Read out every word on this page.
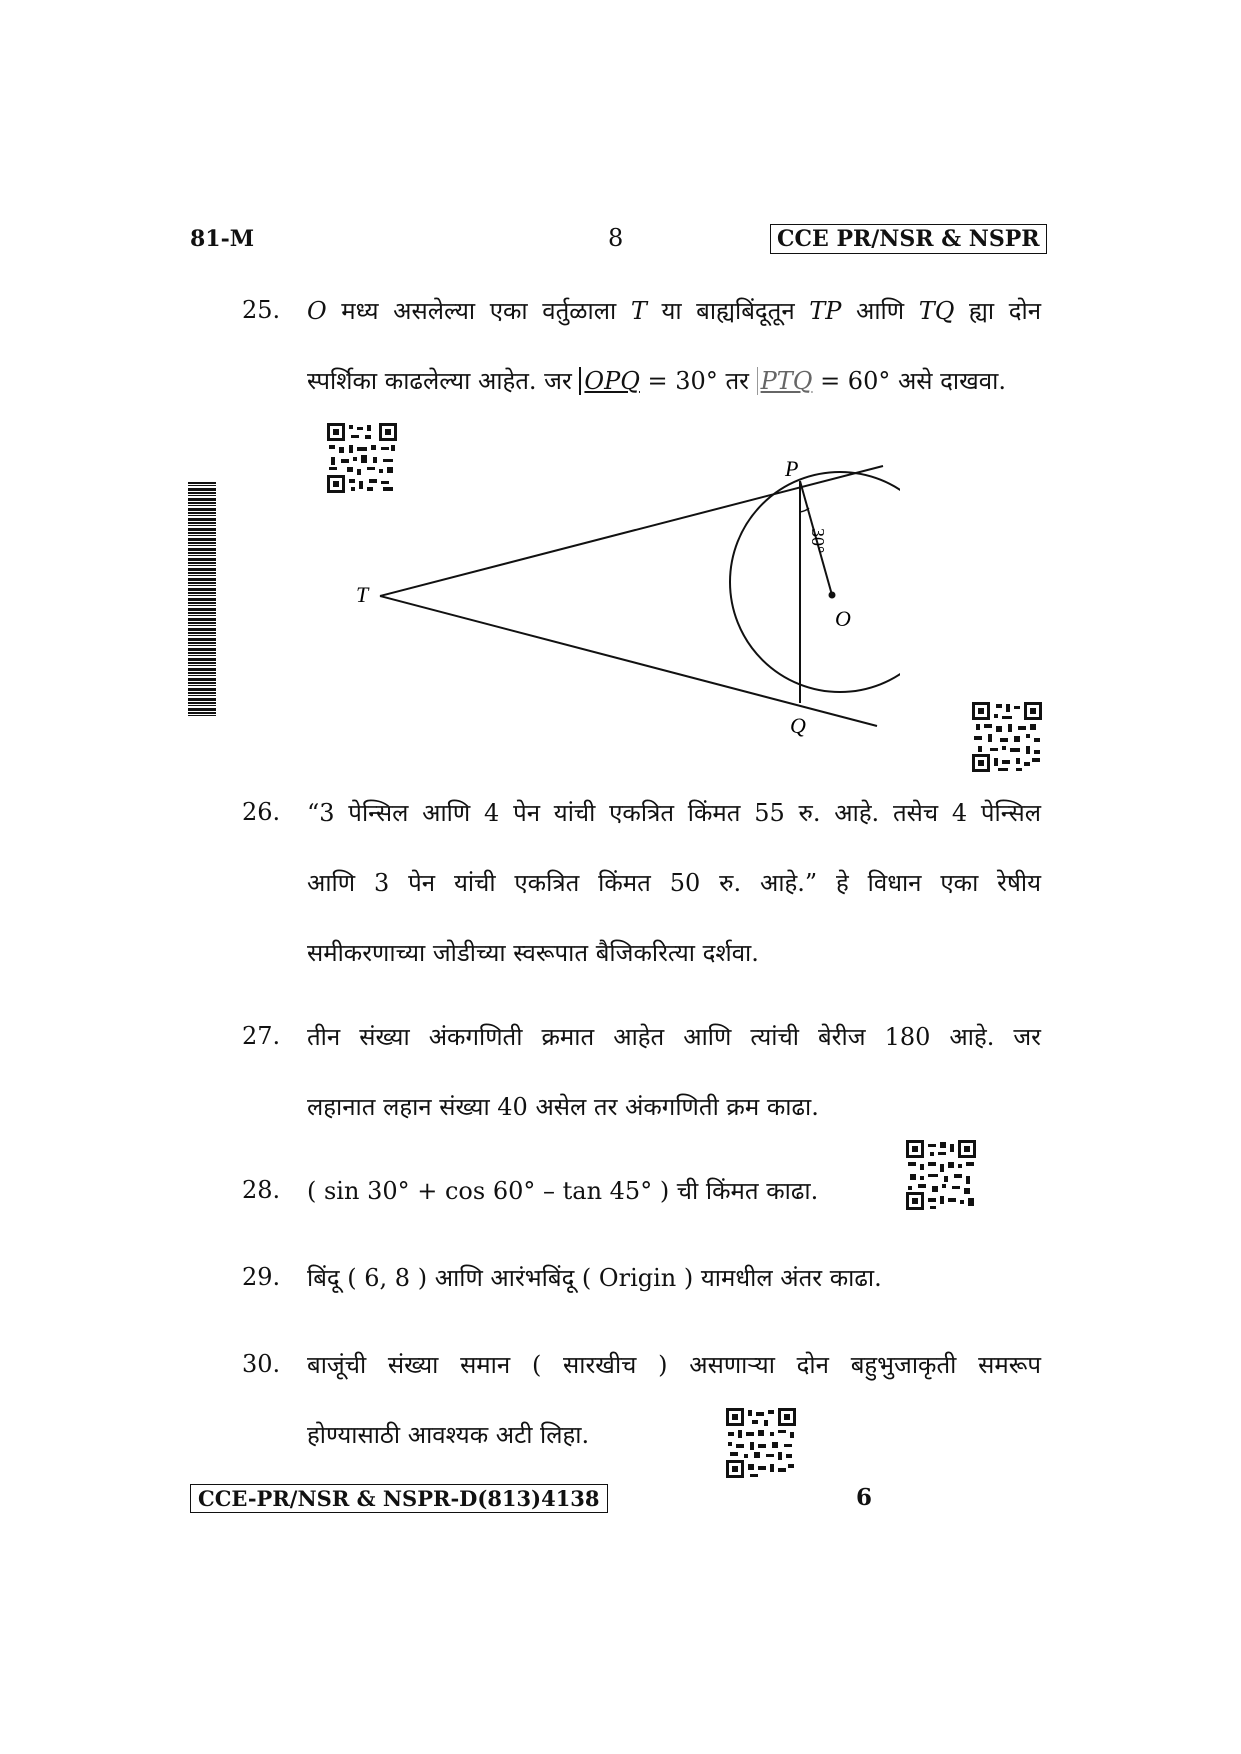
81-M	8	CCE PR/NSR & NSPR
25. O मध्य असलेल्या एका वर्तुळाला T या बाह्यबिंदूतून TP आणि TQ ह्या दोन
स्पर्शिका काढलेल्या आहेत. जर OPQ = 30° तर PTQ = 60° असे दाखवा.
P
Q
T
O
30°
26. “3 पेन्सिल आणि 4 पेन यांची एकत्रित किंमत 55 रु. आहे. तसेच 4 पेन्सिल
आणि 3 पेन यांची एकत्रित किंमत 50 रु. आहे.” हे विधान एका रेषीय
समीकरणाच्या जोडीच्या स्वरूपात बैजिकरित्या दर्शवा.
27. तीन संख्या अंकगणिती क्रमात आहेत आणि त्यांची बेरीज 180 आहे. जर
लहानात लहान संख्या 40 असेल तर अंकगणिती क्रम काढा.
28. ( sin 30° + cos 60° – tan 45° ) ची किंमत काढा.
29. बिंदू ( 6, 8 ) आणि आरंभबिंदू ( Origin ) यामधील अंतर काढा.
30. बाजूंची संख्या समान ( सारखीच ) असणाऱ्या दोन बहुभुजाकृती समरूप
होण्यासाठी आवश्यक अटी लिहा.
CCE-PR/NSR & NSPR-D(813)4138	6
